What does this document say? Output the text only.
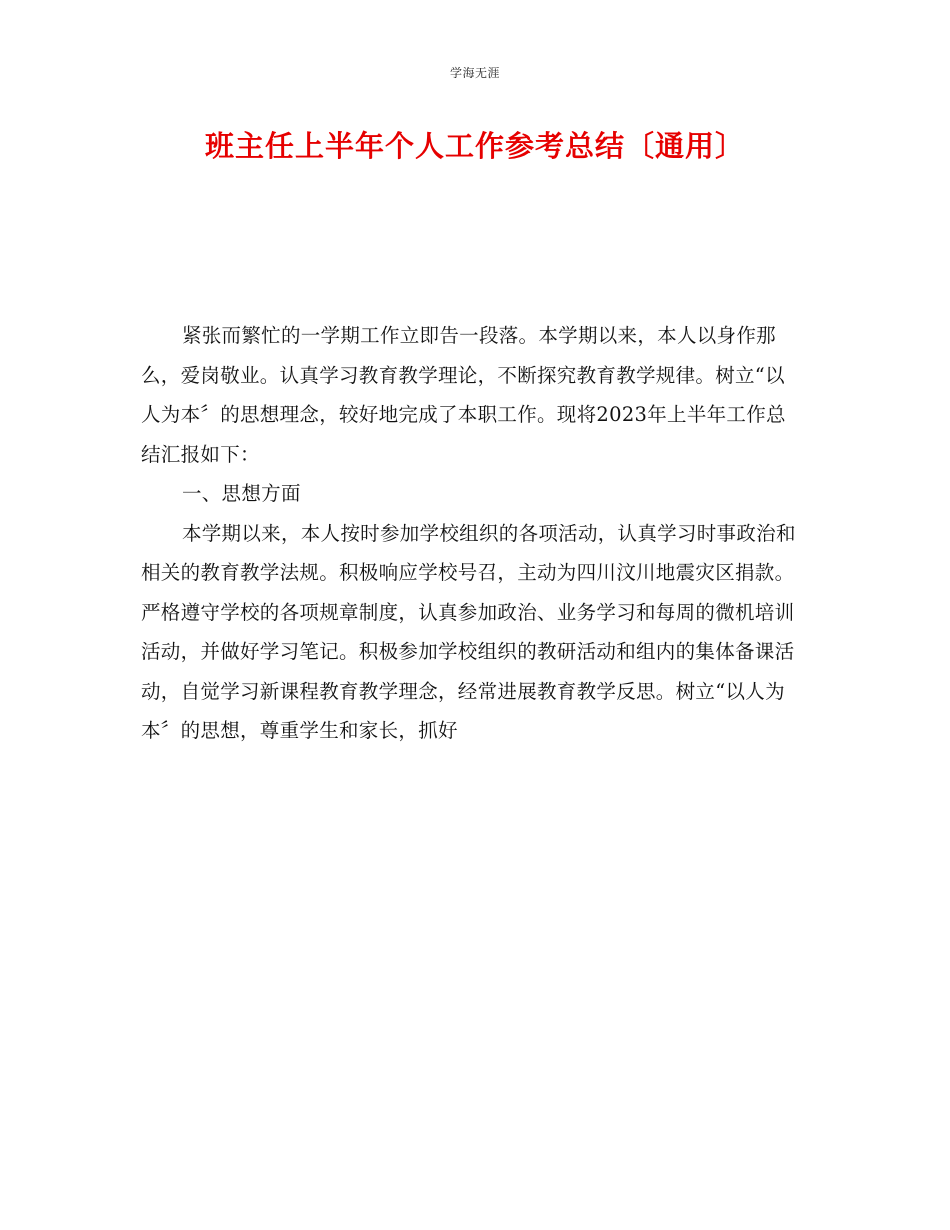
学海无涯
班主任上半年个人工作参考总结〔通用〕

紧张而繁忙的一学期工作立即告一段落。本学期以来，本人以身作那么，爱岗敬业。认真学习教育教学理论，不断探究教育教学规律。树立“以人为本〞的思想理念，较好地完成了本职工作。现将2023年上半年工作总结汇报如下：

一、思想方面

本学期以来，本人按时参加学校组织的各项活动，认真学习时事政治和相关的教育教学法规。积极响应学校号召，主动为四川汶川地震灾区捐款。严格遵守学校的各项规章制度，认真参加政治、业务学习和每周的微机培训活动，并做好学习笔记。积极参加学校组织的教研活动和组内的集体备课活动，自觉学习新课程教育教学理念，经常进展教育教学反思。树立“以人为本〞的思想，尊重学生和家长，抓好
